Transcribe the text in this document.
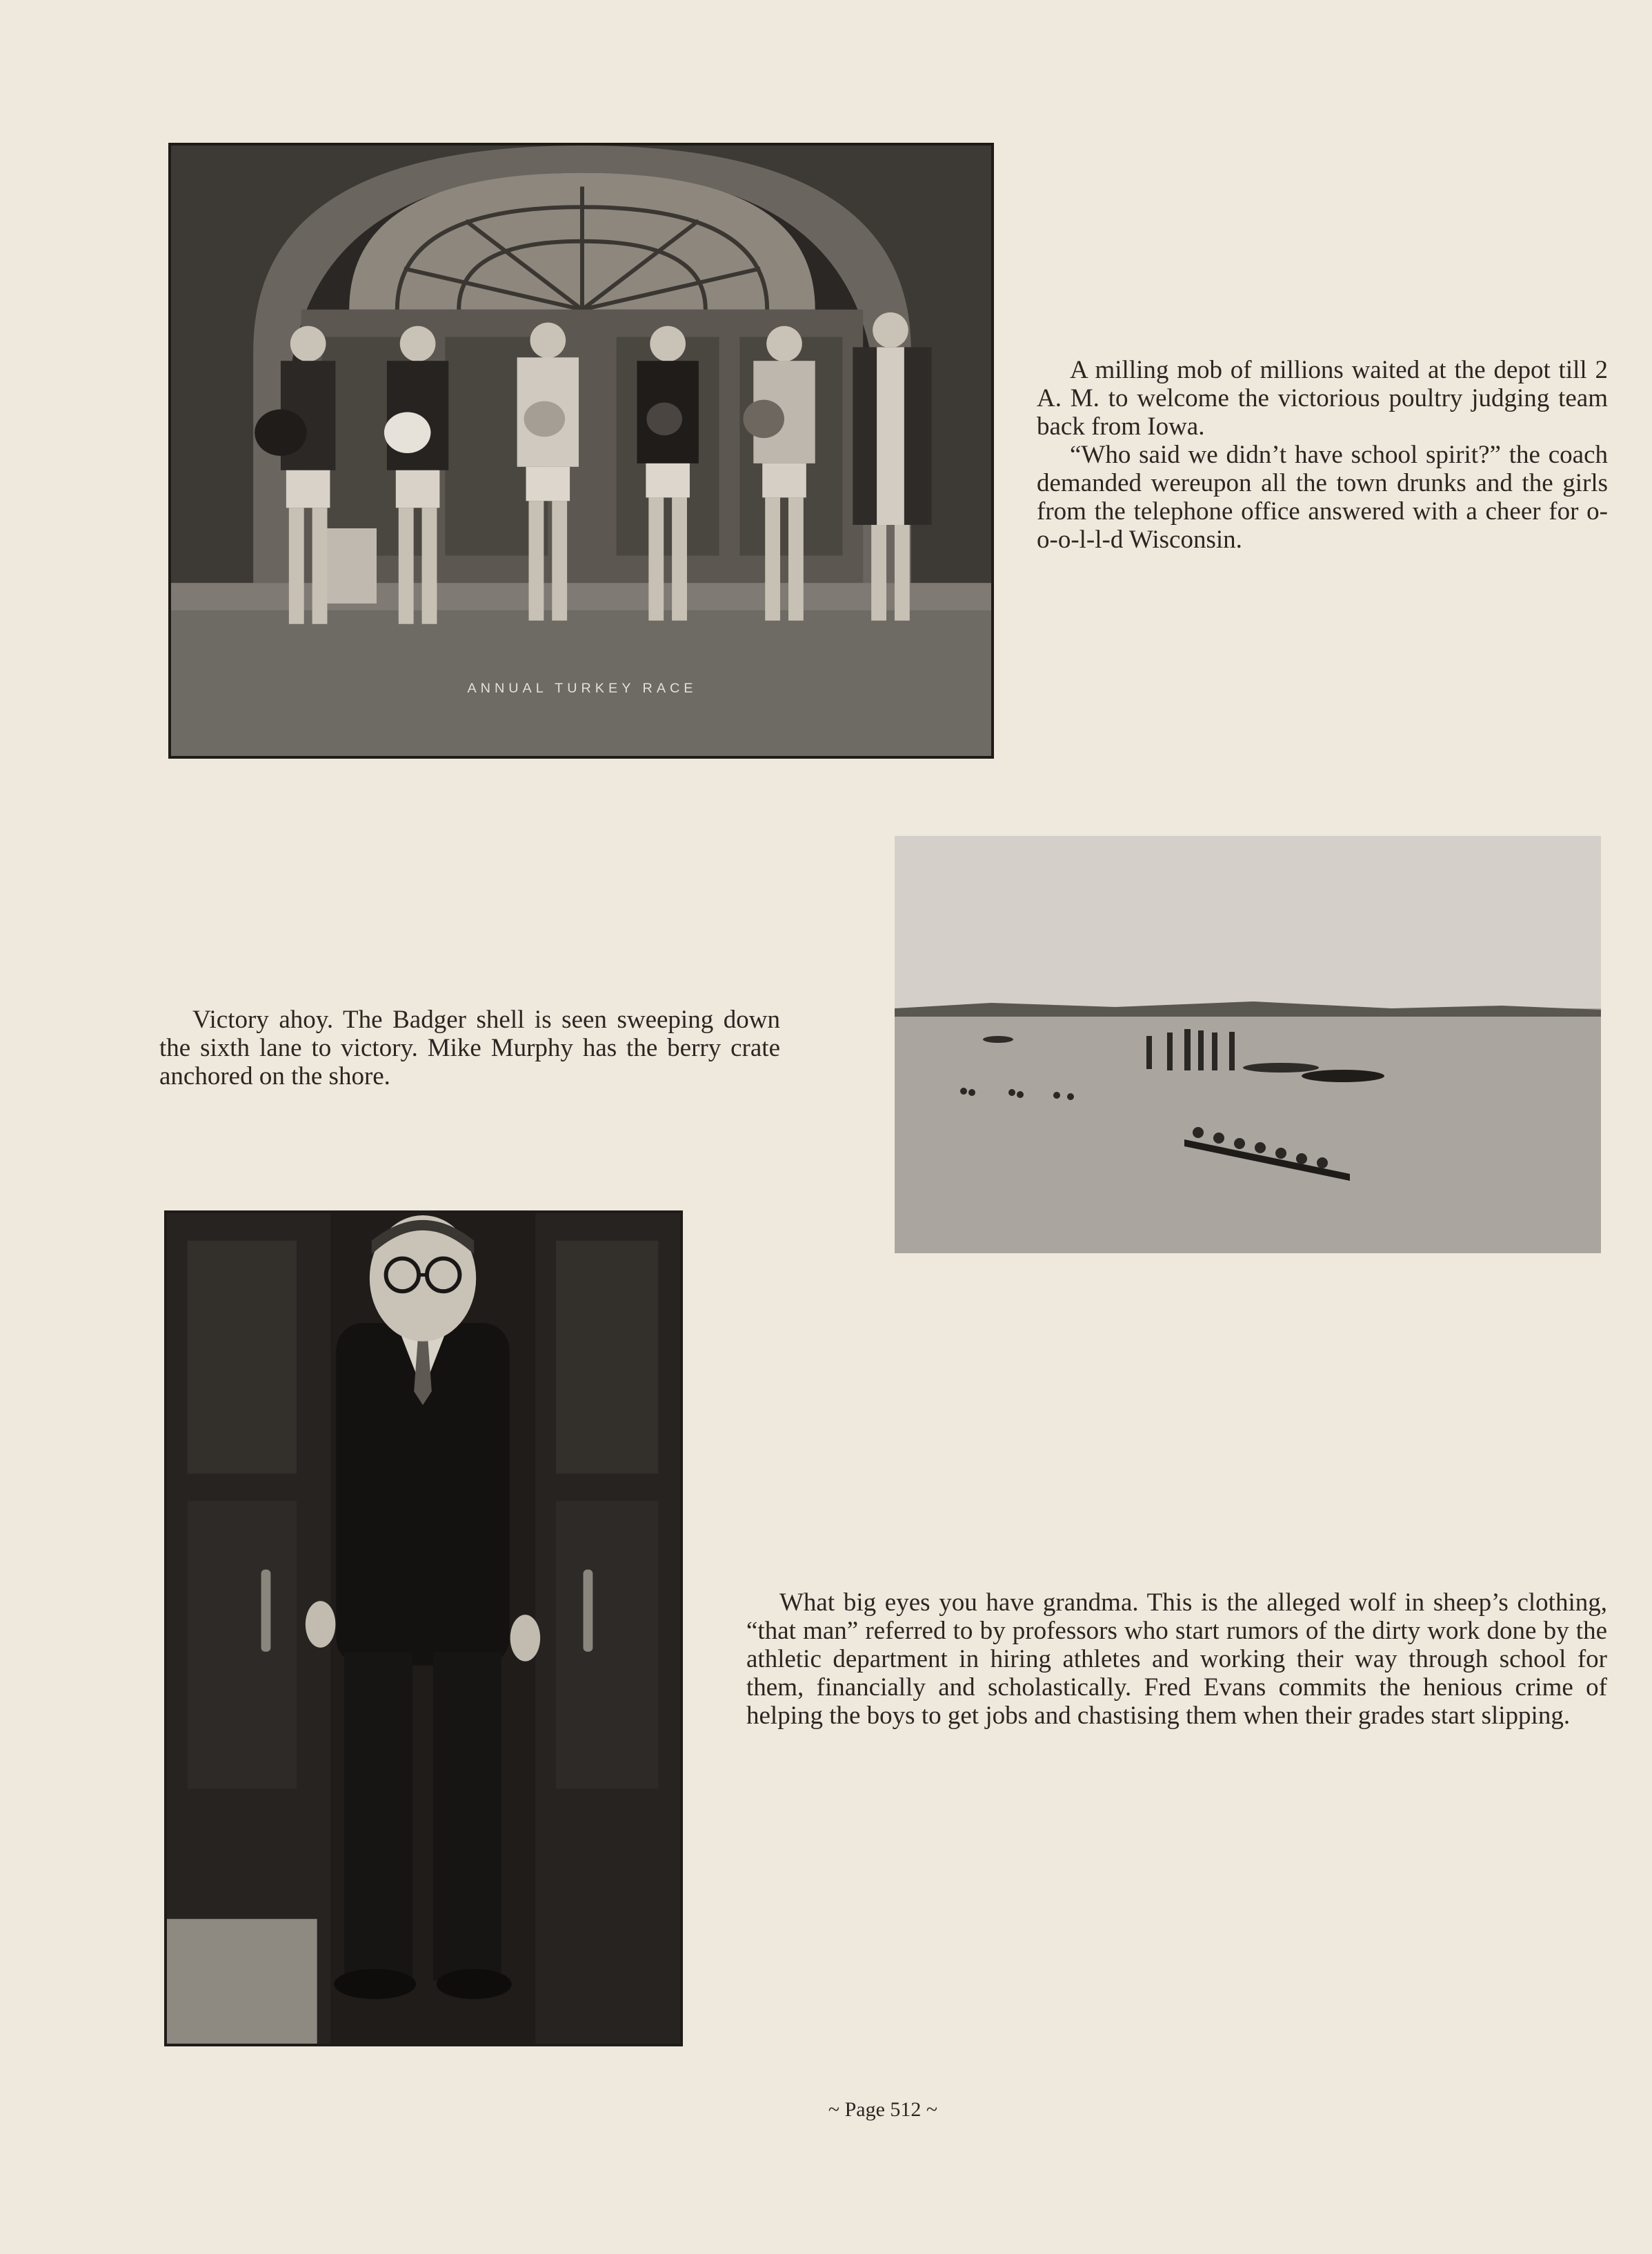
ANNUAL TURKEY RACE

A milling mob of millions waited at the depot till 2 A. M. to welcome the victorious poultry judging team back from Iowa.

“Who said we didn’t have school spirit?” the coach demanded wereupon all the town drunks and the girls from the telephone office answered with a cheer for o-o-o-l-l-d Wisconsin.

Victory ahoy. The Badger shell is seen sweeping down the sixth lane to victory. Mike Murphy has the berry crate anchored on the shore.

What big eyes you have grandma. This is the alleged wolf in sheep’s clothing, “that man” referred to by professors who start rumors of the dirty work done by the athletic department in hiring athletes and working their way through school for them, financially and scholastically. Fred Evans commits the henious crime of helping the boys to get jobs and chastising them when their grades start slipping.

~ Page 512 ~
